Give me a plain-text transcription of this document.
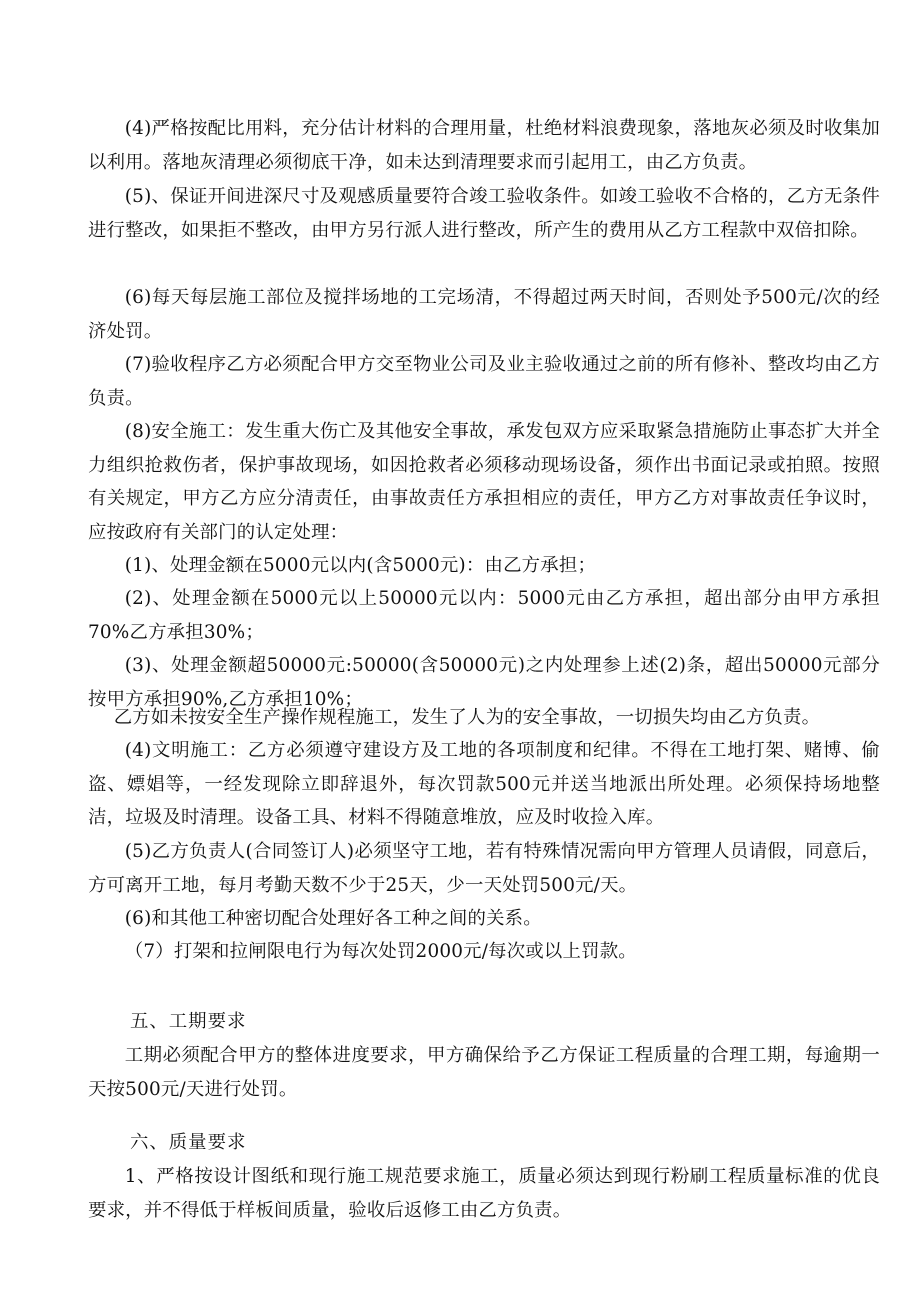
(4)严格按配比用料，充分估计材料的合理用量，杜绝材料浪费现象，落地灰必须及时收集加以利用。落地灰清理必须彻底干净，如未达到清理要求而引起用工，由乙方负责。

(5)、保证开间进深尺寸及观感质量要符合竣工验收条件。如竣工验收不合格的，乙方无条件进行整改，如果拒不整改，由甲方另行派人进行整改，所产生的费用从乙方工程款中双倍扣除。

(6)每天每层施工部位及搅拌场地的工完场清，不得超过两天时间，否则处予500元/次的经济处罚。

(7)验收程序乙方必须配合甲方交至物业公司及业主验收通过之前的所有修补、整改均由乙方负责。

(8)安全施工：发生重大伤亡及其他安全事故，承发包双方应采取紧急措施防止事态扩大并全力组织抢救伤者，保护事故现场，如因抢救者必须移动现场设备，须作出书面记录或拍照。按照有关规定，甲方乙方应分清责任，由事故责任方承担相应的责任，甲方乙方对事故责任争议时，应按政府有关部门的认定处理：

(1)、处理金额在5000元以内(含5000元)：由乙方承担；

(2)、处理金额在5000元以上50000元以内：5000元由乙方承担，超出部分由甲方承担70%乙方承担30%；

(3)、处理金额超50000元:50000(含50000元)之内处理参上述(2)条，超出50000元部分按甲方承担90%,乙方承担10%；

乙方如未按安全生产操作规程施工，发生了人为的安全事故，一切损失均由乙方负责。

(4)文明施工：乙方必须遵守建设方及工地的各项制度和纪律。不得在工地打架、赌博、偷盗、嫖娼等，一经发现除立即辞退外，每次罚款500元并送当地派出所处理。必须保持场地整洁，垃圾及时清理。设备工具、材料不得随意堆放，应及时收捡入库。

(5)乙方负责人(合同签订人)必须坚守工地，若有特殊情况需向甲方管理人员请假，同意后，方可离开工地，每月考勤天数不少于25天，少一天处罚500元/天。

(6)和其他工种密切配合处理好各工种之间的关系。

（7）打架和拉闸限电行为每次处罚2000元/每次或以上罚款。

五、工期要求

工期必须配合甲方的整体进度要求，甲方确保给予乙方保证工程质量的合理工期，每逾期一天按500元/天进行处罚。

六、质量要求

1、严格按设计图纸和现行施工规范要求施工，质量必须达到现行粉刷工程质量标准的优良要求，并不得低于样板间质量，验收后返修工由乙方负责。
